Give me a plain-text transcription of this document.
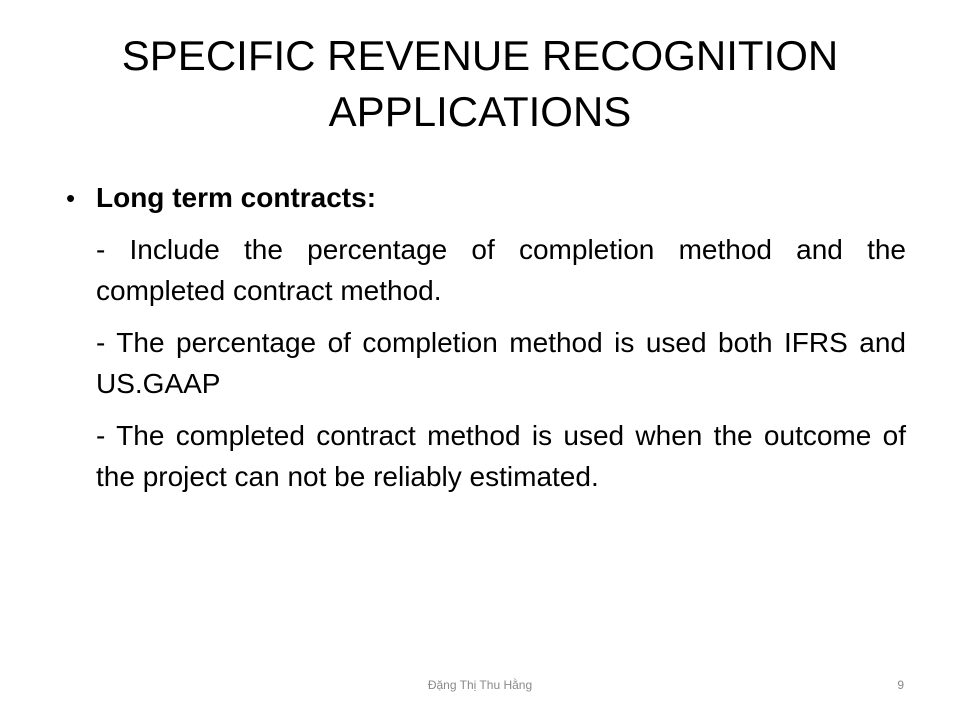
SPECIFIC REVENUE RECOGNITION
APPLICATIONS
• Long term contracts:
- Include the percentage of completion method and the completed contract method.
- The percentage of completion method is used both IFRS and US.GAAP
- The completed contract method is used when the outcome of the project can not be reliably estimated.
Đặng Thị Thu Hằng	9
